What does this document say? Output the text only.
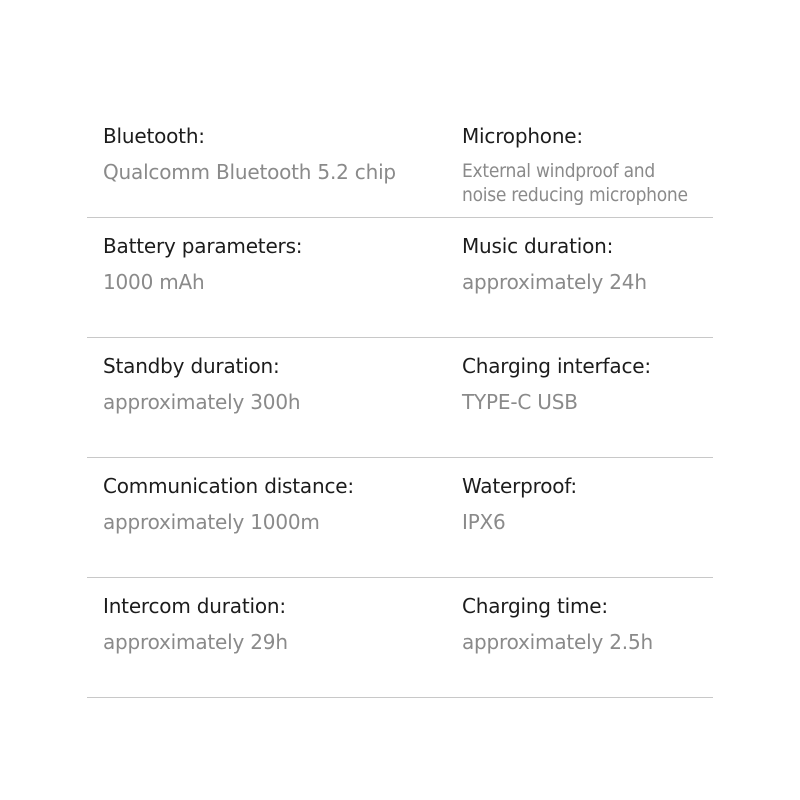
Bluetooth:
Qualcomm Bluetooth 5.2 chip
Microphone:
External windproof and
noise reducing microphone
Battery parameters:
1000 mAh
Music duration:
approximately 24h
Standby duration:
approximately 300h
Charging interface:
TYPE-C USB
Communication distance:
approximately 1000m
Waterproof:
IPX6
Intercom duration:
approximately 29h
Charging time:
approximately 2.5h
